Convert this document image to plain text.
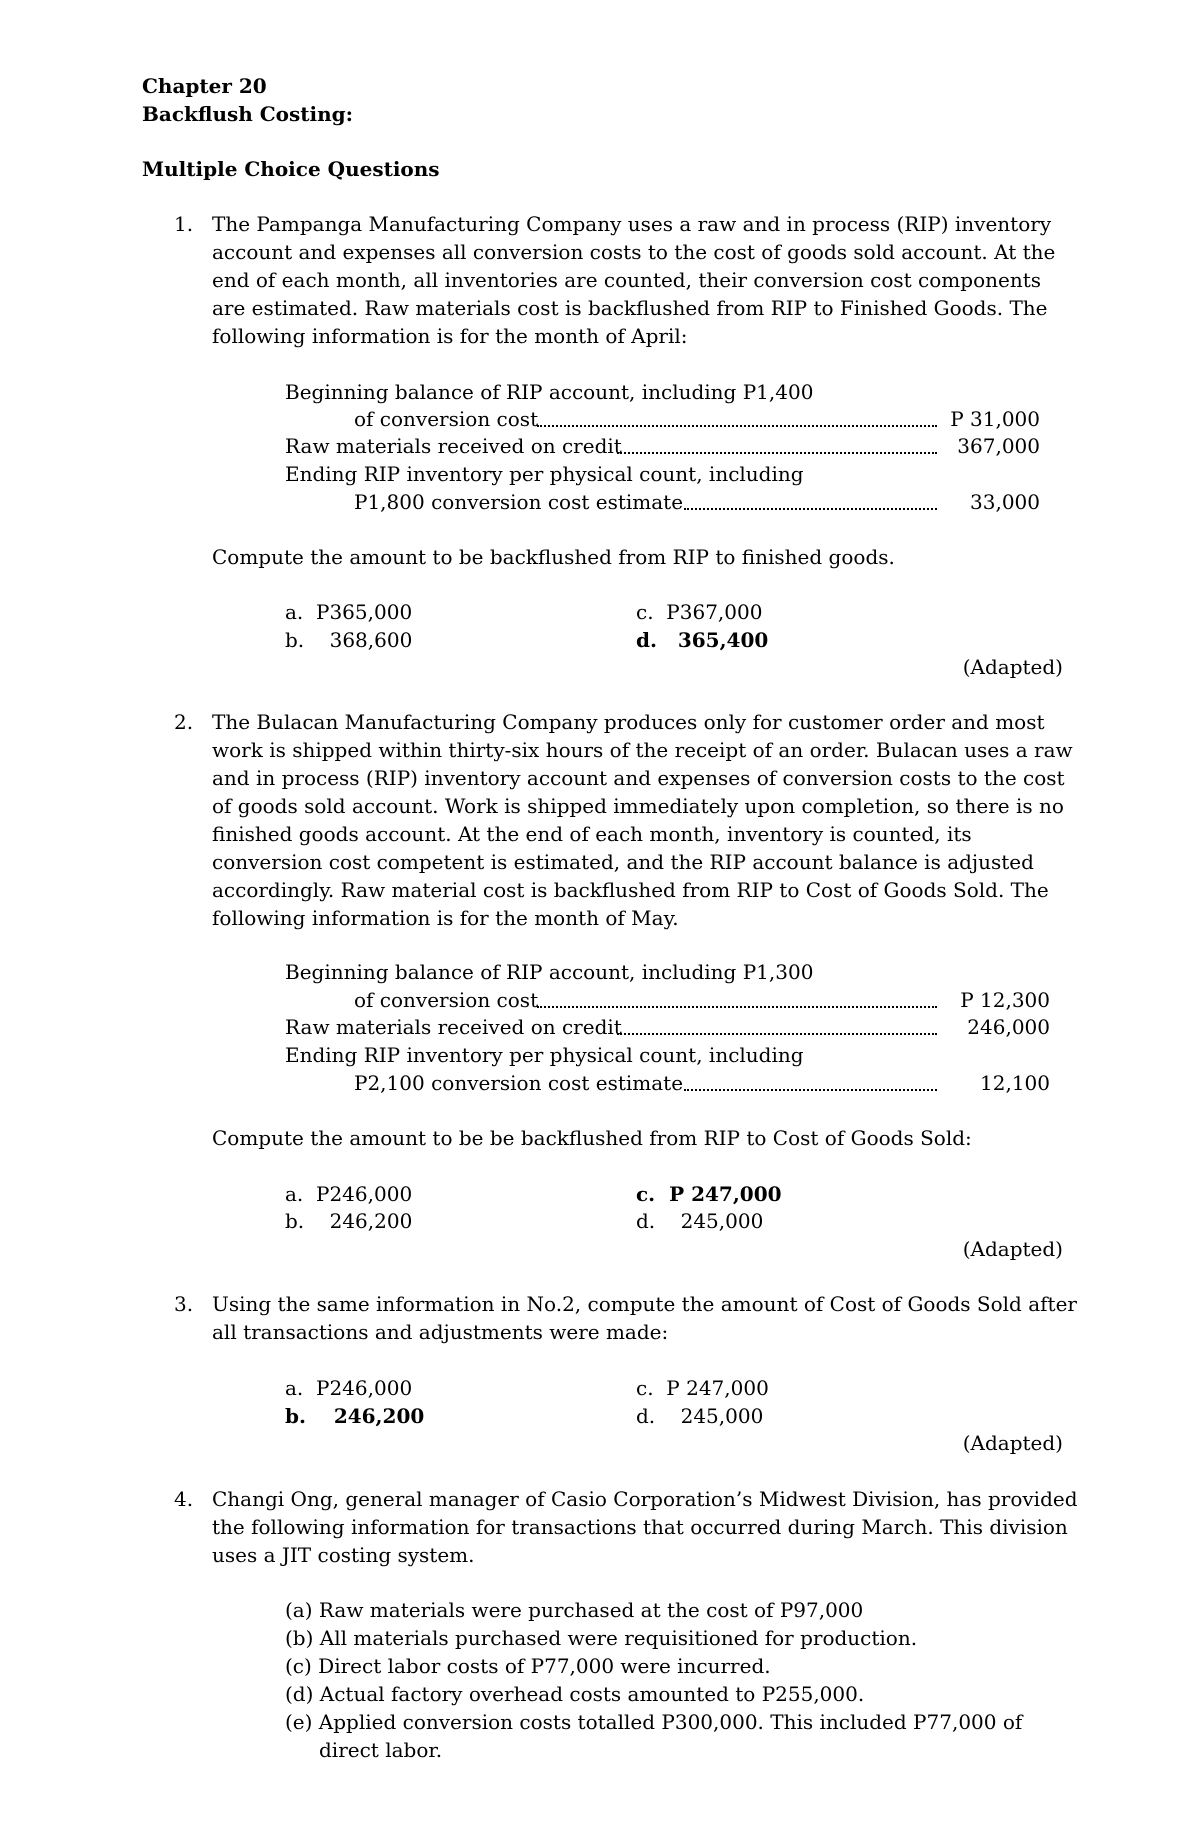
Chapter 20
Backflush Costing:
Multiple Choice Questions
1. The Pampanga Manufacturing Company uses a raw and in process (RIP) inventory
account and expenses all conversion costs to the cost of goods sold account. At the
end of each month, all inventories are counted, their conversion cost components
are estimated. Raw materials cost is backflushed from RIP to Finished Goods. The
following information is for the month of April:
Beginning balance of RIP account, including P1,400
of conversion cost	P 31,000
Raw materials received on credit	367,000
Ending RIP inventory per physical count, including
P1,800 conversion cost estimate	33,000
Compute the amount to be backflushed from RIP to finished goods.
a. P365,000
b. 368,600
c. P367,000
d. 365,400
(Adapted)
2. The Bulacan Manufacturing Company produces only for customer order and most
work is shipped within thirty-six hours of the receipt of an order. Bulacan uses a raw
and in process (RIP) inventory account and expenses of conversion costs to the cost
of goods sold account. Work is shipped immediately upon completion, so there is no
finished goods account. At the end of each month, inventory is counted, its
conversion cost competent is estimated, and the RIP account balance is adjusted
accordingly. Raw material cost is backflushed from RIP to Cost of Goods Sold. The
following information is for the month of May.
Beginning balance of RIP account, including P1,300
of conversion cost	P 12,300
Raw materials received on credit	246,000
Ending RIP inventory per physical count, including
P2,100 conversion cost estimate	12,100
Compute the amount to be be backflushed from RIP to Cost of Goods Sold:
a. P246,000
b. 246,200
c. P 247,000
d. 245,000
(Adapted)
3. Using the same information in No.2, compute the amount of Cost of Goods Sold after
all transactions and adjustments were made:
a. P246,000
b. 246,200
c. P 247,000
d. 245,000
(Adapted)
4. Changi Ong, general manager of Casio Corporation’s Midwest Division, has provided
the following information for transactions that occurred during March. This division
uses a JIT costing system.
(a) Raw materials were purchased at the cost of P97,000
(b) All materials purchased were requisitioned for production.
(c) Direct labor costs of P77,000 were incurred.
(d) Actual factory overhead costs amounted to P255,000.
(e) Applied conversion costs totalled P300,000. This included P77,000 of
direct labor.
